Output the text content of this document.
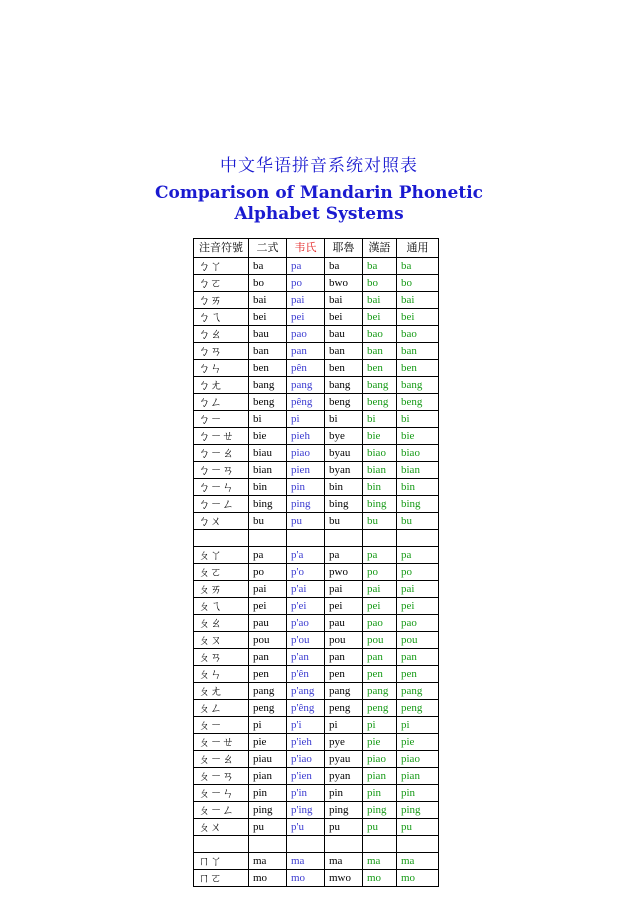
中文华语拼音系统对照表
Comparison of Mandarin Phonetic Alphabet Systems
注音符號	二式	韦氏	耶魯	漢語	通用
ㄅㄚ	ba	pa	ba	ba	ba
ㄅㄛ	bo	po	bwo	bo	bo
ㄅㄞ	bai	pai	bai	bai	bai
ㄅㄟ	bei	pei	bei	bei	bei
ㄅㄠ	bau	pao	bau	bao	bao
ㄅㄢ	ban	pan	ban	ban	ban
ㄅㄣ	ben	pên	ben	ben	ben
ㄅㄤ	bang	pang	bang	bang	bang
ㄅㄥ	beng	pêng	beng	beng	beng
ㄅㄧ	bi	pi	bi	bi	bi
ㄅㄧㄝ	bie	pieh	bye	bie	bie
ㄅㄧㄠ	biau	piao	byau	biao	biao
ㄅㄧㄢ	bian	pien	byan	bian	bian
ㄅㄧㄣ	bin	pin	bin	bin	bin
ㄅㄧㄥ	bing	ping	bing	bing	bing
ㄅㄨ	bu	pu	bu	bu	bu

ㄆㄚ	pa	p'a	pa	pa	pa
ㄆㄛ	po	p'o	pwo	po	po
ㄆㄞ	pai	p'ai	pai	pai	pai
ㄆㄟ	pei	p'ei	pei	pei	pei
ㄆㄠ	pau	p'ao	pau	pao	pao
ㄆㄡ	pou	p'ou	pou	pou	pou
ㄆㄢ	pan	p'an	pan	pan	pan
ㄆㄣ	pen	p'ên	pen	pen	pen
ㄆㄤ	pang	p'ang	pang	pang	pang
ㄆㄥ	peng	p'êng	peng	peng	peng
ㄆㄧ	pi	p'i	pi	pi	pi
ㄆㄧㄝ	pie	p'ieh	pye	pie	pie
ㄆㄧㄠ	piau	p'iao	pyau	piao	piao
ㄆㄧㄢ	pian	p'ien	pyan	pian	pian
ㄆㄧㄣ	pin	p'in	pin	pin	pin
ㄆㄧㄥ	ping	p'ing	ping	ping	ping
ㄆㄨ	pu	p'u	pu	pu	pu

ㄇㄚ	ma	ma	ma	ma	ma
ㄇㄛ	mo	mo	mwo	mo	mo
